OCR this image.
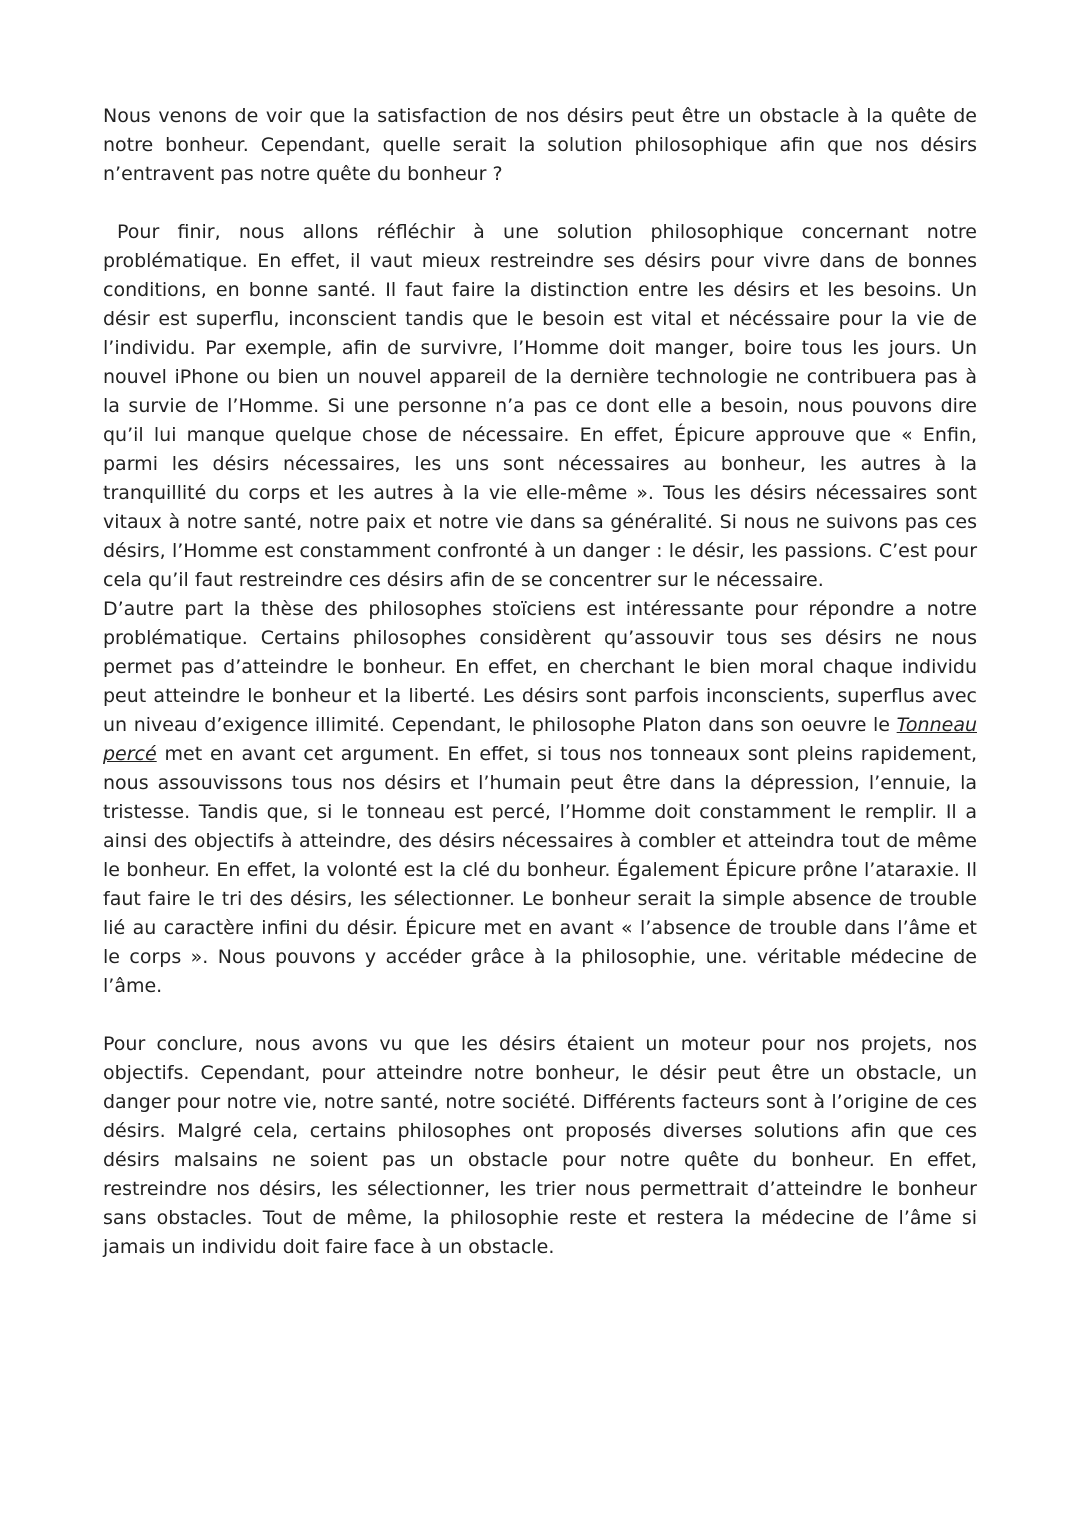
Nous venons de voir que la satisfaction de nos désirs peut être un obstacle à la quête de notre bonheur. Cependant, quelle serait la solution philosophique afin que nos désirs n’entravent pas notre quête du bonheur ?

Pour finir, nous allons réfléchir à une solution philosophique concernant notre problématique. En effet, il vaut mieux restreindre ses désirs pour vivre dans de bonnes conditions, en bonne santé. Il faut faire la distinction entre les désirs et les besoins. Un désir est superflu, inconscient tandis que le besoin est vital et nécéssaire pour la vie de l’individu. Par exemple, afin de survivre, l’Homme doit manger, boire tous les jours. Un nouvel iPhone ou bien un nouvel appareil de la dernière technologie ne contribuera pas à la survie de l’Homme. Si une personne n’a pas ce dont elle a besoin, nous pouvons dire qu’il lui manque quelque chose de nécessaire. En effet, Épicure approuve que « Enfin, parmi les désirs nécessaires, les uns sont nécessaires au bonheur, les autres à la tranquillité du corps et les autres à la vie elle-même ». Tous les désirs nécessaires sont vitaux à notre santé, notre paix et notre vie dans sa généralité. Si nous ne suivons pas ces désirs, l’Homme est constamment confronté à un danger : le désir, les passions. C’est pour cela qu’il faut restreindre ces désirs afin de se concentrer sur le nécessaire.

D’autre part la thèse des philosophes stoïciens est intéressante pour répondre a notre problématique. Certains philosophes considèrent qu’assouvir tous ses désirs ne nous permet pas d’atteindre le bonheur. En effet, en cherchant le bien moral chaque individu peut atteindre le bonheur et la liberté. Les désirs sont parfois inconscients, superflus avec un niveau d’exigence illimité. Cependant, le philosophe Platon dans son oeuvre le Tonneau percé met en avant cet argument. En effet, si tous nos tonneaux sont pleins rapidement, nous assouvissons tous nos désirs et l’humain peut être dans la dépression, l’ennuie, la tristesse. Tandis que, si le tonneau est percé, l’Homme doit constamment le remplir. Il a ainsi des objectifs à atteindre, des désirs nécessaires à combler et atteindra tout de même le bonheur. En effet, la volonté est la clé du bonheur. Également Épicure prône l’ataraxie. Il faut faire le tri des désirs, les sélectionner. Le bonheur serait la simple absence de trouble lié au caractère infini du désir. Épicure met en avant « l’absence de trouble dans l’âme et le corps ». Nous pouvons y accéder grâce à la philosophie, une. véritable médecine de l’âme.

Pour conclure, nous avons vu que les désirs étaient un moteur pour nos projets, nos objectifs. Cependant, pour atteindre notre bonheur, le désir peut être un obstacle, un danger pour notre vie, notre santé, notre société. Différents facteurs sont à l’origine de ces désirs. Malgré cela, certains philosophes ont proposés diverses solutions afin que ces désirs malsains ne soient pas un obstacle pour notre quête du bonheur. En effet, restreindre nos désirs, les sélectionner, les trier nous permettrait d’atteindre le bonheur sans obstacles. Tout de même, la philosophie reste et restera la médecine de l’âme si jamais un individu doit faire face à un obstacle.
